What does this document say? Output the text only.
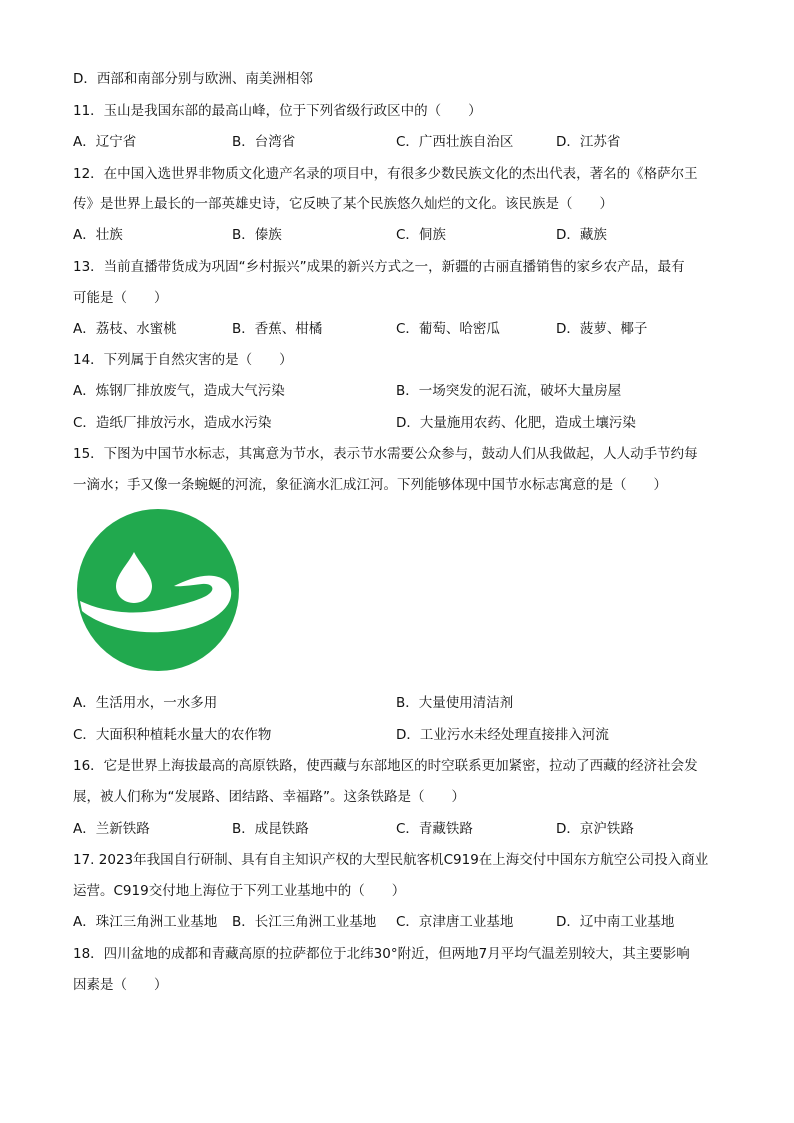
D．西部和南部分别与欧洲、南美洲相邻
11．玉山是我国东部的最高山峰，位于下列省级行政区中的（　　）
A．辽宁省	B．台湾省	C．广西壮族自治区	D．江苏省
12．在中国入选世界非物质文化遗产名录的项目中，有很多少数民族文化的杰出代表，著名的《格萨尔王
传》是世界上最长的一部英雄史诗，它反映了某个民族悠久灿烂的文化。该民族是（　　）
A．壮族	B．傣族	C．侗族	D．藏族
13．当前直播带货成为巩固“乡村振兴”成果的新兴方式之一，新疆的古丽直播销售的家乡农产品，最有
可能是（　　）
A．荔枝、水蜜桃	B．香蕉、柑橘	C．葡萄、哈密瓜	D．菠萝、椰子
14．下列属于自然灾害的是（　　）
A．炼钢厂排放废气，造成大气污染	B．一场突发的泥石流，破坏大量房屋
C．造纸厂排放污水，造成水污染	D．大量施用农药、化肥，造成土壤污染
15．下图为中国节水标志，其寓意为节水，表示节水需要公众参与，鼓动人们从我做起，人人动手节约每
一滴水；手又像一条蜿蜒的河流，象征滴水汇成江河。下列能够体现中国节水标志寓意的是（　　）
A．生活用水，一水多用	B．大量使用清洁剂
C．大面积种植耗水量大的农作物	D．工业污水未经处理直接排入河流
16．它是世界上海拔最高的高原铁路，使西藏与东部地区的时空联系更加紧密，拉动了西藏的经济社会发
展，被人们称为“发展路、团结路、幸福路”。这条铁路是（　　）
A．兰新铁路	B．成昆铁路	C．青藏铁路	D．京沪铁路
17. 2023年我国自行研制、具有自主知识产权的大型民航客机C919在上海交付中国东方航空公司投入商业
运营。C919交付地上海位于下列工业基地中的（　　）
A．珠江三角洲工业基地 B．长江三角洲工业基地 C．京津唐工业基地	D．辽中南工业基地
18．四川盆地的成都和青藏高原的拉萨都位于北纬30°附近，但两地7月平均气温差别较大，其主要影响
因素是（　　）
